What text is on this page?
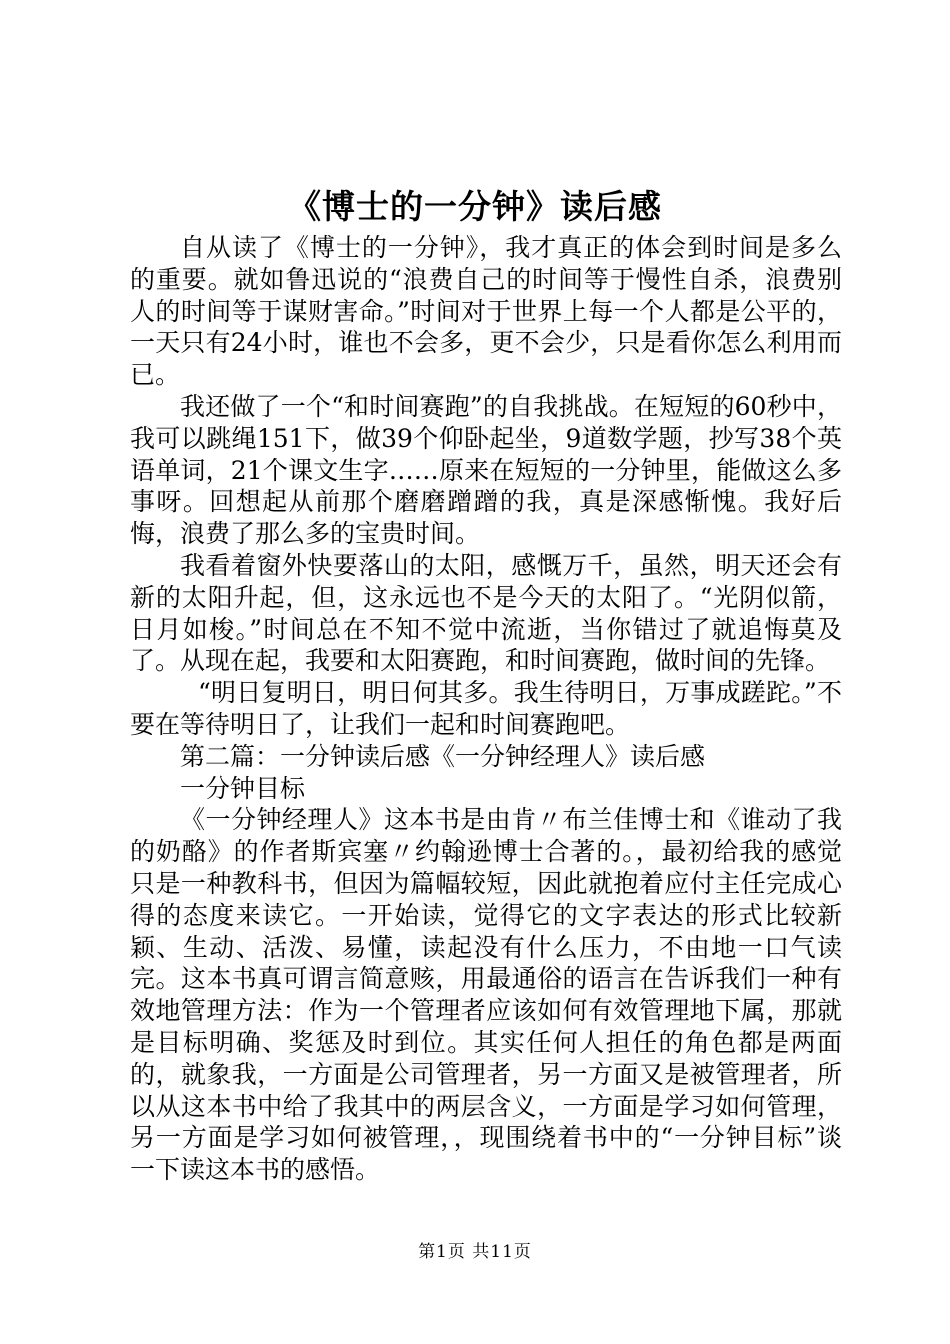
《博士的一分钟》读后感

自从读了《博士的一分钟》，我才真正的体会到时间是多么的重要。就如鲁迅说的“浪费自己的时间等于慢性自杀，浪费别人的时间等于谋财害命。”时间对于世界上每一个人都是公平的，一天只有24小时，谁也不会多，更不会少，只是看你怎么利用而已。

我还做了一个“和时间赛跑”的自我挑战。在短短的60秒中，我可以跳绳151下，做39个仰卧起坐，9道数学题，抄写38个英语单词，21个课文生字……原来在短短的一分钟里，能做这么多事呀。回想起从前那个磨磨蹭蹭的我，真是深感惭愧。我好后悔，浪费了那么多的宝贵时间。

我看着窗外快要落山的太阳，感慨万千，虽然，明天还会有新的太阳升起，但，这永远也不是今天的太阳了。“光阴似箭，日月如梭。”时间总在不知不觉中流逝，当你错过了就追悔莫及了。从现在起，我要和太阳赛跑，和时间赛跑，做时间的先锋。

“明日复明日，明日何其多。我生待明日，万事成蹉跎。”不要在等待明日了，让我们一起和时间赛跑吧。

第二篇：一分钟读后感《一分钟经理人》读后感

一分钟目标

《一分钟经理人》这本书是由肯〃布兰佳博士和《谁动了我的奶酪》的作者斯宾塞〃约翰逊博士合著的。，最初给我的感觉只是一种教科书，但因为篇幅较短，因此就抱着应付主任完成心得的态度来读它。一开始读，觉得它的文字表达的形式比较新颖、生动、活泼、易懂，读起没有什么压力，不由地一口气读完。这本书真可谓言简意赅，用最通俗的语言在告诉我们一种有效地管理方法：作为一个管理者应该如何有效管理地下属，那就是目标明确、奖惩及时到位。其实任何人担任的角色都是两面的，就象我，一方面是公司管理者，另一方面又是被管理者，所以从这本书中给了我其中的两层含义，一方面是学习如何管理，另一方面是学习如何被管理，，现围绕着书中的“一分钟目标”谈一下读这本书的感悟。

第1页 共11页
